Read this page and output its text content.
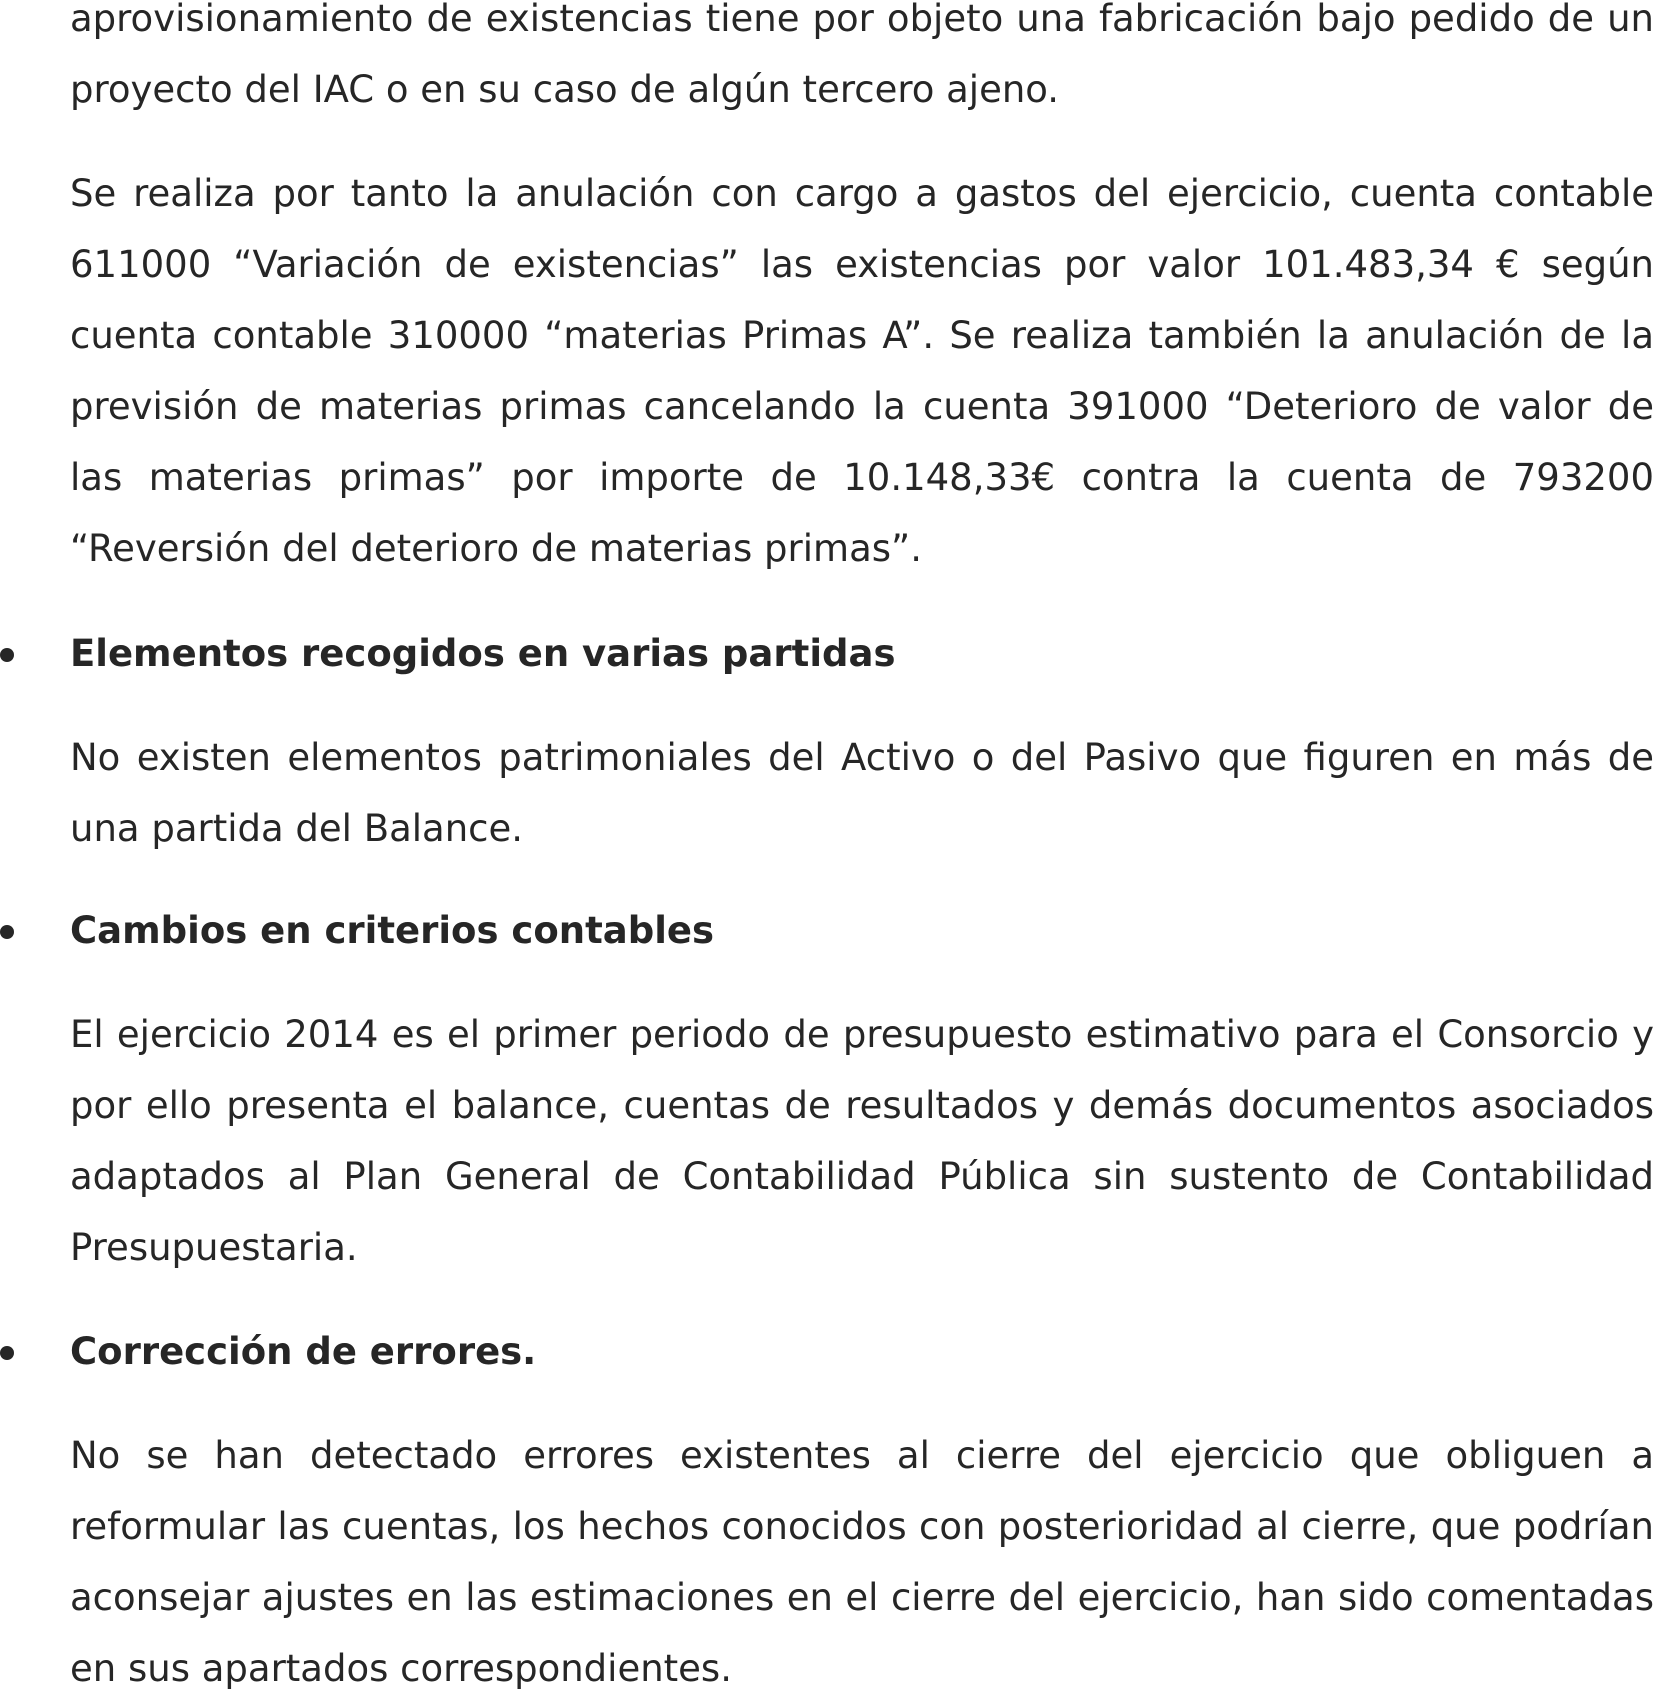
aprovisionamiento de existencias tiene por objeto una fabricación bajo pedido de un proyecto del IAC o en su caso de algún tercero ajeno.

Se realiza por tanto la anulación con cargo a gastos del ejercicio, cuenta contable 611000 “Variación de existencias” las existencias por valor 101.483,34 € según cuenta contable 310000 “materias Primas A”. Se realiza también la anulación de la previsión de materias primas cancelando la cuenta 391000 “Deterioro de valor de las materias primas” por importe de 10.148,33€ contra la cuenta de 793200 “Reversión del deterioro de materias primas”.

Elementos recogidos en varias partidas

No existen elementos patrimoniales del Activo o del Pasivo que figuren en más de una partida del Balance.

Cambios en criterios contables

El ejercicio 2014 es el primer periodo de presupuesto estimativo para el Consorcio y por ello presenta el balance, cuentas de resultados y demás documentos asociados adaptados al Plan General de Contabilidad Pública sin sustento de Contabilidad Presupuestaria.

Corrección de errores.

No se han detectado errores existentes al cierre del ejercicio que obliguen a reformular las cuentas, los hechos conocidos con posterioridad al cierre, que podrían aconsejar ajustes en las estimaciones en el cierre del ejercicio, han sido comentadas en sus apartados correspondientes.
